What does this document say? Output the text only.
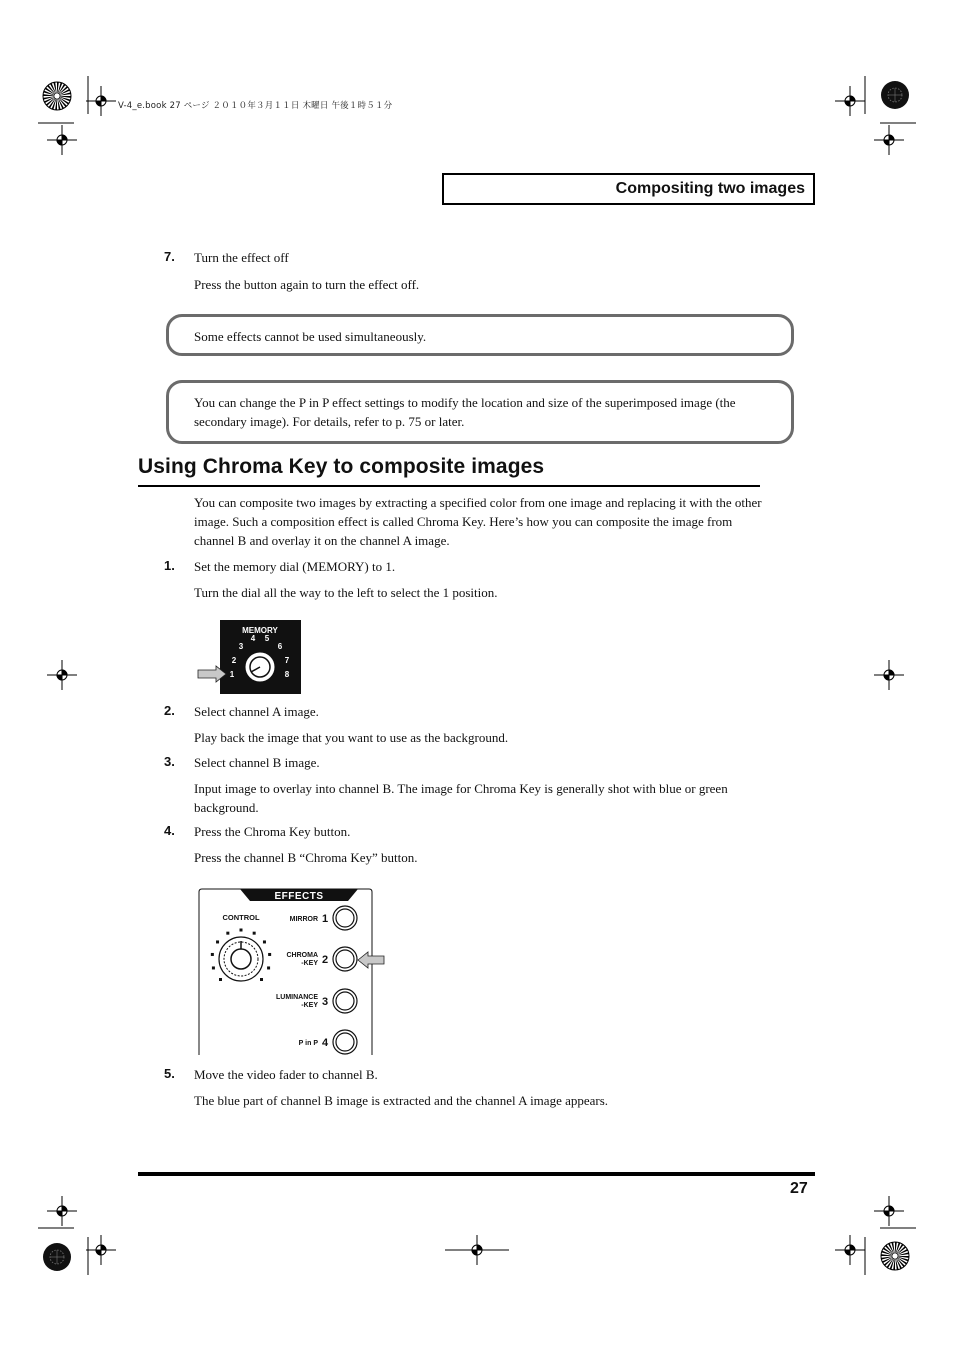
V-4_e.book 27 ページ ２０１０年３月１１日 木曜日 午後１時５１分
Compositing two images
7. Turn the effect off
Press the button again to turn the effect off.
Some effects cannot be used simultaneously.
You can change the P in P effect settings to modify the location and size of the superimposed image (the secondary image). For details, refer to p. 75 or later.
Using Chroma Key to composite images
You can composite two images by extracting a specified color from one image and replacing it with the other image. Such a composition effect is called Chroma Key. Here’s how you can composite the image from channel B and overlay it on the channel A image.
1. Set the memory dial (MEMORY) to 1.
Turn the dial all the way to the left to select the 1 position.
MEMORY
1
2
3
4 5
6
7
8
2. Select channel A image.
Play back the image that you want to use as the background.
3. Select channel B image.
Input image to overlay into channel B. The image for Chroma Key is generally shot with blue or green background.
4. Press the Chroma Key button.
Press the channel B “Chroma Key” button.
EFFECTS
CONTROL	MIRROR 1
CHROMA
-KEY 2
LUMINANCE
-KEY 3
P in P 4
5. Move the video fader to channel B.
The blue part of channel B image is extracted and the channel A image appears.
27
